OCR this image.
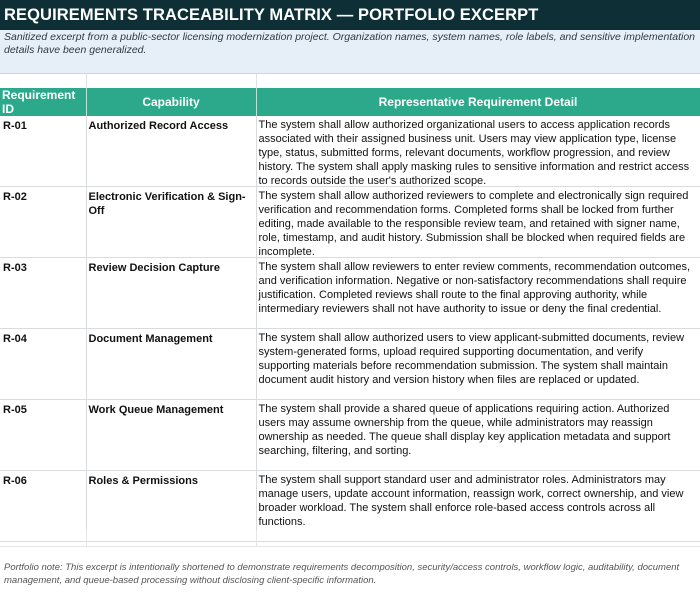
REQUIREMENTS TRACEABILITY MATRIX — PORTFOLIO EXCERPT
Sanitized excerpt from a public-sector licensing modernization project. Organization names, system names, role labels, and sensitive implementation details have been generalized.
Requirement ID	Capability	Representative Requirement Detail

R-01	Authorized Record Access	The system shall allow authorized organizational users to access application records associated with their assigned business unit. Users may view application type, license type, status, submitted forms, relevant documents, workflow progression, and review history. The system shall apply masking rules to sensitive information and restrict access to records outside the user's authorized scope.

R-02	Electronic Verification & Sign-Off	The system shall allow authorized reviewers to complete and electronically sign required verification and recommendation forms. Completed forms shall be locked from further editing, made available to the responsible review team, and retained with signer name, role, timestamp, and audit history. Submission shall be blocked when required fields are incomplete.

R-03	Review Decision Capture	The system shall allow reviewers to enter review comments, recommendation outcomes, and verification information. Negative or non-satisfactory recommendations shall require justification. Completed reviews shall route to the final approving authority, while intermediary reviewers shall not have authority to issue or deny the final credential.

R-04	Document Management	The system shall allow authorized users to view applicant-submitted documents, review system-generated forms, upload required supporting documentation, and verify supporting materials before recommendation submission. The system shall maintain document audit history and version history when files are replaced or updated.

R-05	Work Queue Management	The system shall provide a shared queue of applications requiring action. Authorized users may assume ownership from the queue, while administrators may reassign ownership as needed. The queue shall display key application metadata and support searching, filtering, and sorting.

R-06	Roles & Permissions	The system shall support standard user and administrator roles. Administrators may manage users, update account information, reassign work, correct ownership, and view broader workload. The system shall enforce role-based access controls across all functions.
Portfolio note: This excerpt is intentionally shortened to demonstrate requirements decomposition, security/access controls, workflow logic, auditability, document management, and queue-based processing without disclosing client-specific information.
